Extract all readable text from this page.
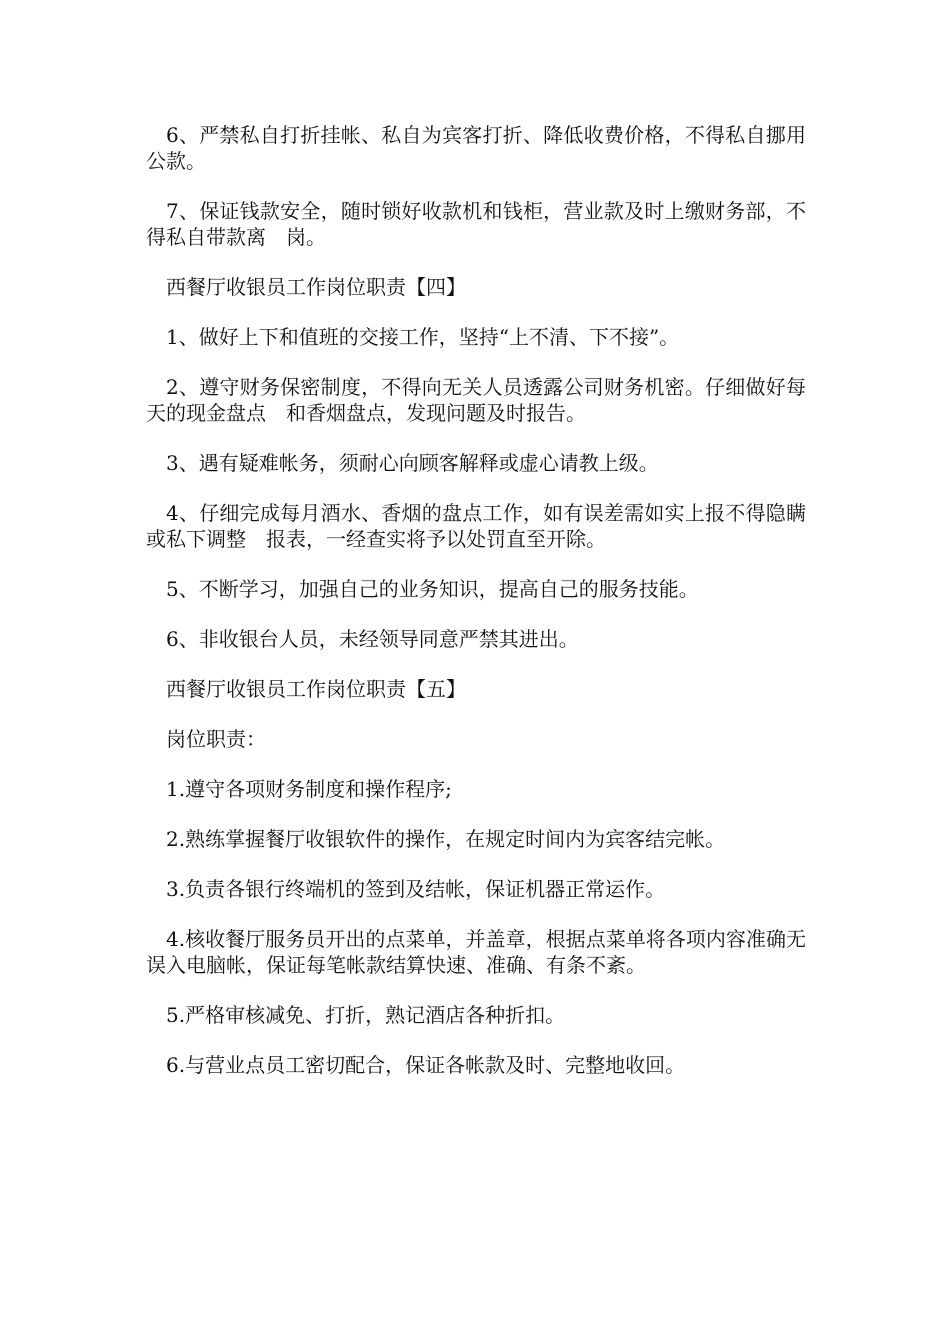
6、严禁私自打折挂帐、私自为宾客打折、降低收费价格，不得私自挪用公款。

7、保证钱款安全，随时锁好收款机和钱柜，营业款及时上缴财务部，不得私自带款离　岗。

西餐厅收银员工作岗位职责【四】

1、做好上下和值班的交接工作，坚持“上不清、下不接”。

2、遵守财务保密制度，不得向无关人员透露公司财务机密。仔细做好每天的现金盘点　和香烟盘点，发现问题及时报告。

3、遇有疑难帐务，须耐心向顾客解释或虚心请教上级。

4、仔细完成每月酒水、香烟的盘点工作，如有误差需如实上报不得隐瞒或私下调整　报表，一经查实将予以处罚直至开除。

5、不断学习，加强自己的业务知识，提高自己的服务技能。

6、非收银台人员，未经领导同意严禁其进出。

西餐厅收银员工作岗位职责【五】

岗位职责：

1.遵守各项财务制度和操作程序;

2.熟练掌握餐厅收银软件的操作，在规定时间内为宾客结完帐。

3.负责各银行终端机的签到及结帐，保证机器正常运作。

4.核收餐厅服务员开出的点菜单，并盖章，根据点菜单将各项内容准确无误入电脑帐，保证每笔帐款结算快速、准确、有条不紊。

5.严格审核减免、打折，熟记酒店各种折扣。

6.与营业点员工密切配合，保证各帐款及时、完整地收回。
